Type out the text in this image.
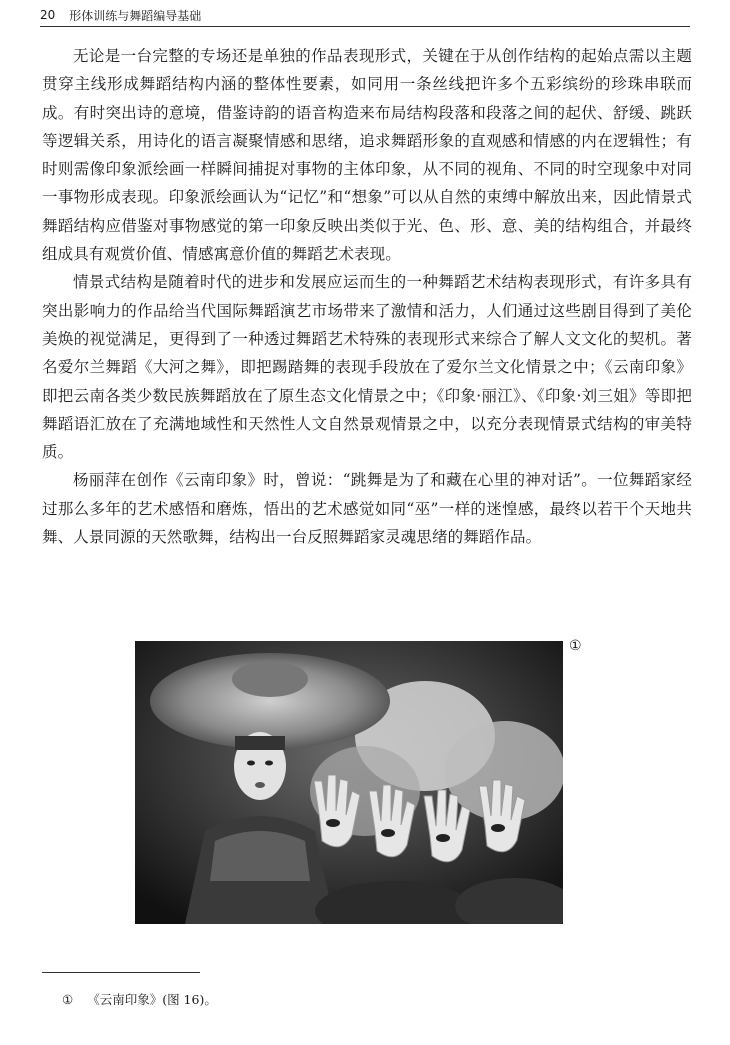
20 形体训练与舞蹈编导基础

无论是一台完整的专场还是单独的作品表现形式，关键在于从创作结构的起始点需以主题贯穿主线形成舞蹈结构内涵的整体性要素，如同用一条丝线把许多个五彩缤纷的珍珠串联而成。有时突出诗的意境，借鉴诗韵的语音构造来布局结构段落和段落之间的起伏、舒缓、跳跃等逻辑关系，用诗化的语言凝聚情感和思绪，追求舞蹈形象的直观感和情感的内在逻辑性；有时则需像印象派绘画一样瞬间捕捉对事物的主体印象，从不同的视角、不同的时空现象中对同一事物形成表现。印象派绘画认为“记忆”和“想象”可以从自然的束缚中解放出来，因此情景式舞蹈结构应借鉴对事物感觉的第一印象反映出类似于光、色、形、意、美的结构组合，并最终组成具有观赏价值、情感寓意价值的舞蹈艺术表现。

情景式结构是随着时代的进步和发展应运而生的一种舞蹈艺术结构表现形式，有许多具有突出影响力的作品给当代国际舞蹈演艺市场带来了激情和活力，人们通过这些剧目得到了美伦美焕的视觉满足，更得到了一种透过舞蹈艺术特殊的表现形式来综合了解人文文化的契机。著名爱尔兰舞蹈《大河之舞》，即把踢踏舞的表现手段放在了爱尔兰文化情景之中；《云南印象》即把云南各类少数民族舞蹈放在了原生态文化情景之中；《印象·丽江》、《印象·刘三姐》等即把舞蹈语汇放在了充满地域性和天然性人文自然景观情景之中，以充分表现情景式结构的审美特质。

杨丽萍在创作《云南印象》时，曾说：“跳舞是为了和藏在心里的神对话”。一位舞蹈家经过那么多年的艺术感悟和磨炼，悟出的艺术感觉如同“巫”一样的迷惶感，最终以若干个天地共舞、人景同源的天然歌舞，结构出一台反照舞蹈家灵魂思绪的舞蹈作品。

①
① 《云南印象》(图 16)。
